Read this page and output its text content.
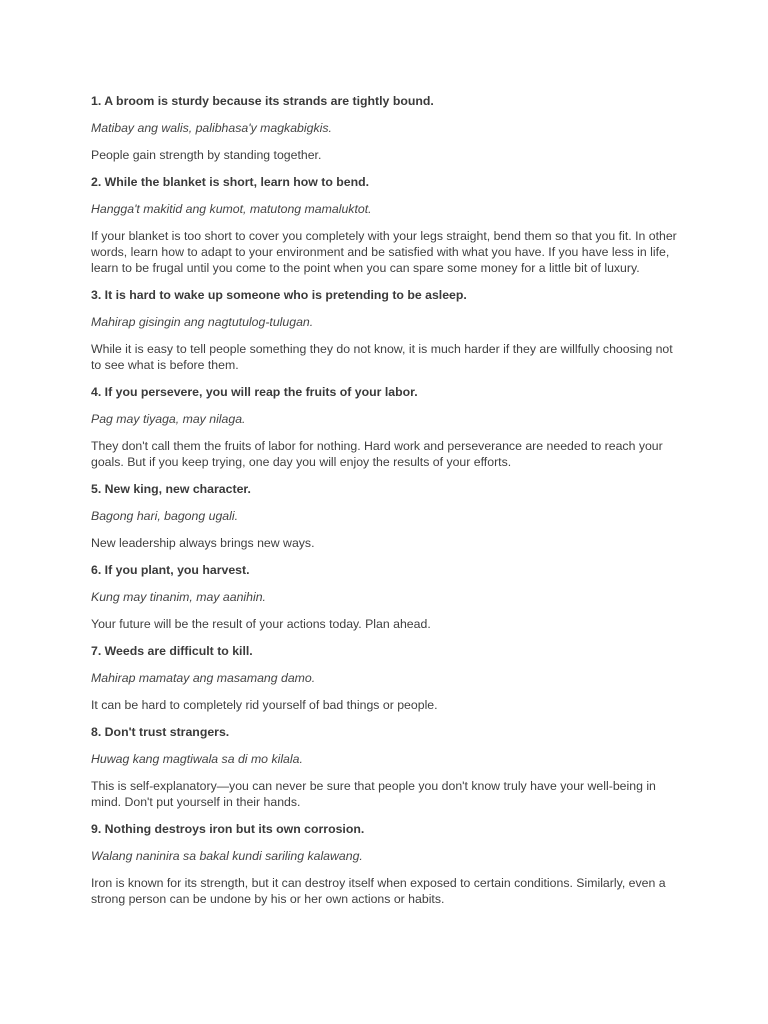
1. A broom is sturdy because its strands are tightly bound.

Matibay ang walis, palibhasa'y magkabigkis.

People gain strength by standing together.

2. While the blanket is short, learn how to bend.

Hangga't makitid ang kumot, matutong mamaluktot.

If your blanket is too short to cover you completely with your legs straight, bend them so that you fit. In other words, learn how to adapt to your environment and be satisfied with what you have. If you have less in life, learn to be frugal until you come to the point when you can spare some money for a little bit of luxury.

3. It is hard to wake up someone who is pretending to be asleep.

Mahirap gisingin ang nagtutulog-tulugan.

While it is easy to tell people something they do not know, it is much harder if they are willfully choosing not to see what is before them.

4. If you persevere, you will reap the fruits of your labor.

Pag may tiyaga, may nilaga.

They don't call them the fruits of labor for nothing. Hard work and perseverance are needed to reach your goals. But if you keep trying, one day you will enjoy the results of your efforts.

5. New king, new character.

Bagong hari, bagong ugali.

New leadership always brings new ways.

6. If you plant, you harvest.

Kung may tinanim, may aanihin.

Your future will be the result of your actions today. Plan ahead.

7. Weeds are difficult to kill.

Mahirap mamatay ang masamang damo.

It can be hard to completely rid yourself of bad things or people.

8. Don't trust strangers.

Huwag kang magtiwala sa di mo kilala.

This is self-explanatory—you can never be sure that people you don't know truly have your well-being in mind. Don't put yourself in their hands.

9. Nothing destroys iron but its own corrosion.

Walang naninira sa bakal kundi sariling kalawang.

Iron is known for its strength, but it can destroy itself when exposed to certain conditions. Similarly, even a strong person can be undone by his or her own actions or habits.
